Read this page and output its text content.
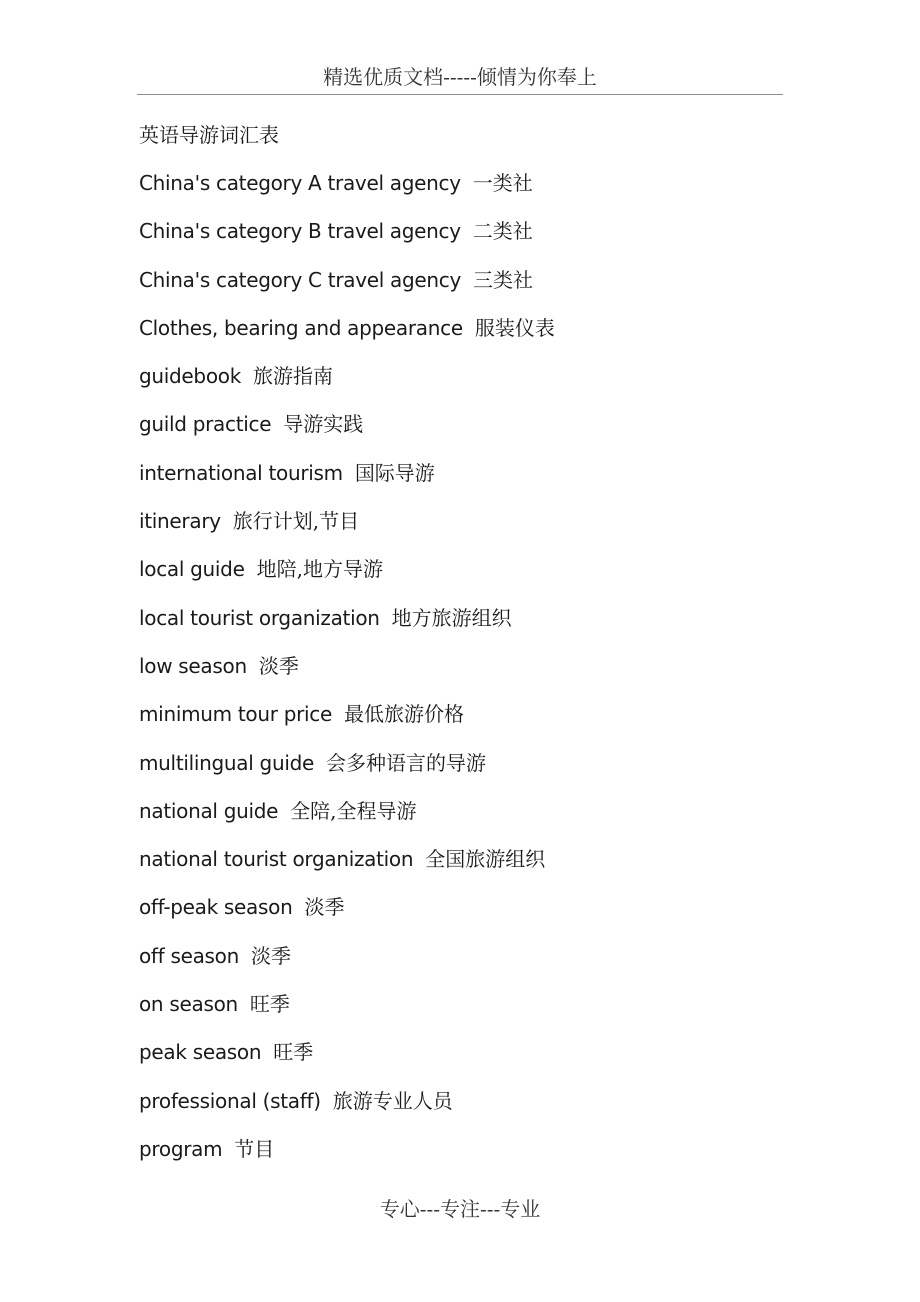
精选优质文档-----倾情为你奉上
英语导游词汇表
China's category A travel agency 一类社
China's category B travel agency 二类社
China's category C travel agency 三类社
Clothes, bearing and appearance 服装仪表
guidebook 旅游指南
guild practice 导游实践
international tourism 国际导游
itinerary 旅行计划,节目
local guide 地陪,地方导游
local tourist organization 地方旅游组织
low season 淡季
minimum tour price 最低旅游价格
multilingual guide 会多种语言的导游
national guide 全陪,全程导游
national tourist organization 全国旅游组织
off-peak season 淡季
off season 淡季
on season 旺季
peak season 旺季
professional (staff) 旅游专业人员
program 节目
专心---专注---专业
